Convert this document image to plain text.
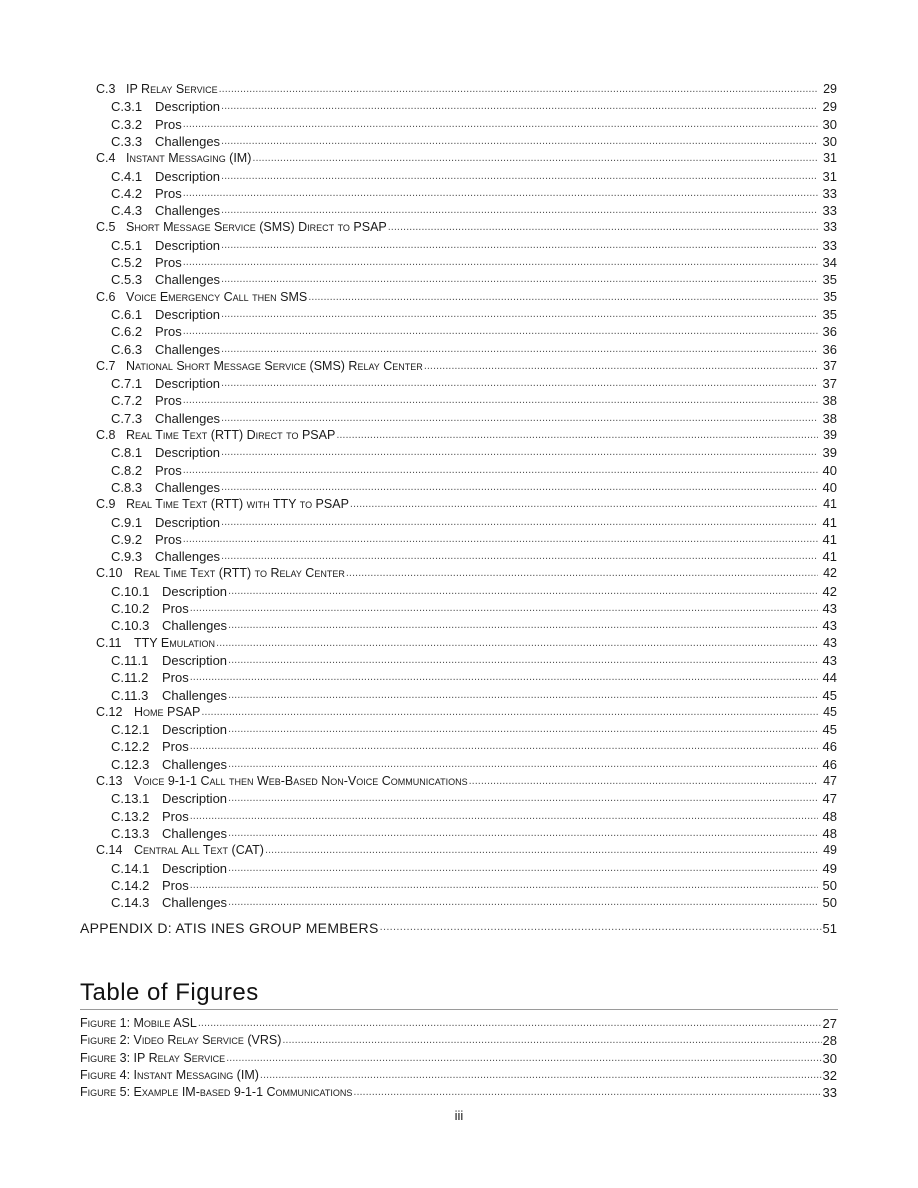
C.3 IP Relay Service .....	29
C.3.1 Description .....	29
C.3.2 Pros .....	30
C.3.3 Challenges .....	30
C.4 Instant Messaging (IM) .....	31
C.4.1 Description .....	31
C.4.2 Pros .....	33
C.4.3 Challenges .....	33
C.5 Short Message Service (SMS) Direct to PSAP .....	33
C.5.1 Description .....	33
C.5.2 Pros .....	34
C.5.3 Challenges .....	35
C.6 Voice Emergency Call then SMS .....	35
C.6.1 Description .....	35
C.6.2 Pros .....	36
C.6.3 Challenges .....	36
C.7 National Short Message Service (SMS) Relay Center .....	37
C.7.1 Description .....	37
C.7.2 Pros .....	38
C.7.3 Challenges .....	38
C.8 Real Time Text (RTT) Direct to PSAP .....	39
C.8.1 Description .....	39
C.8.2 Pros .....	40
C.8.3 Challenges .....	40
C.9 Real Time Text (RTT) with TTY to PSAP .....	41
C.9.1 Description .....	41
C.9.2 Pros .....	41
C.9.3 Challenges .....	41
C.10 Real Time Text (RTT) to Relay Center .....	42
C.10.1 Description .....	42
C.10.2 Pros .....	43
C.10.3 Challenges .....	43
C.11	TTY Emulation .....	43
C.11.1	Description .....	43
C.11.2	Pros .....	44
C.11.3	Challenges .....	45
C.12 Home PSAP .....	45
C.12.1 Description .....	45
C.12.2 Pros .....	46
C.12.3 Challenges .....	46
C.13 Voice 9-1-1 Call then Web-Based Non-Voice Communications .....	47
C.13.1 Description .....	47
C.13.2 Pros .....	48
C.13.3 Challenges .....	48
C.14 Central All Text (CAT) .....	49
C.14.1 Description .....	49
C.14.2 Pros .....	50
C.14.3 Challenges .....	50
APPENDIX D: ATIS INES GROUP MEMBERS .....	51
Table of Figures
Figure 1: Mobile ASL .....	27
Figure 2: Video Relay Service (VRS) .....	28
Figure 3: IP Relay Service .....	30
Figure 4: Instant Messaging (IM) .....	32
Figure 5: Example IM-based 9-1-1 Communications .....	33
iii
